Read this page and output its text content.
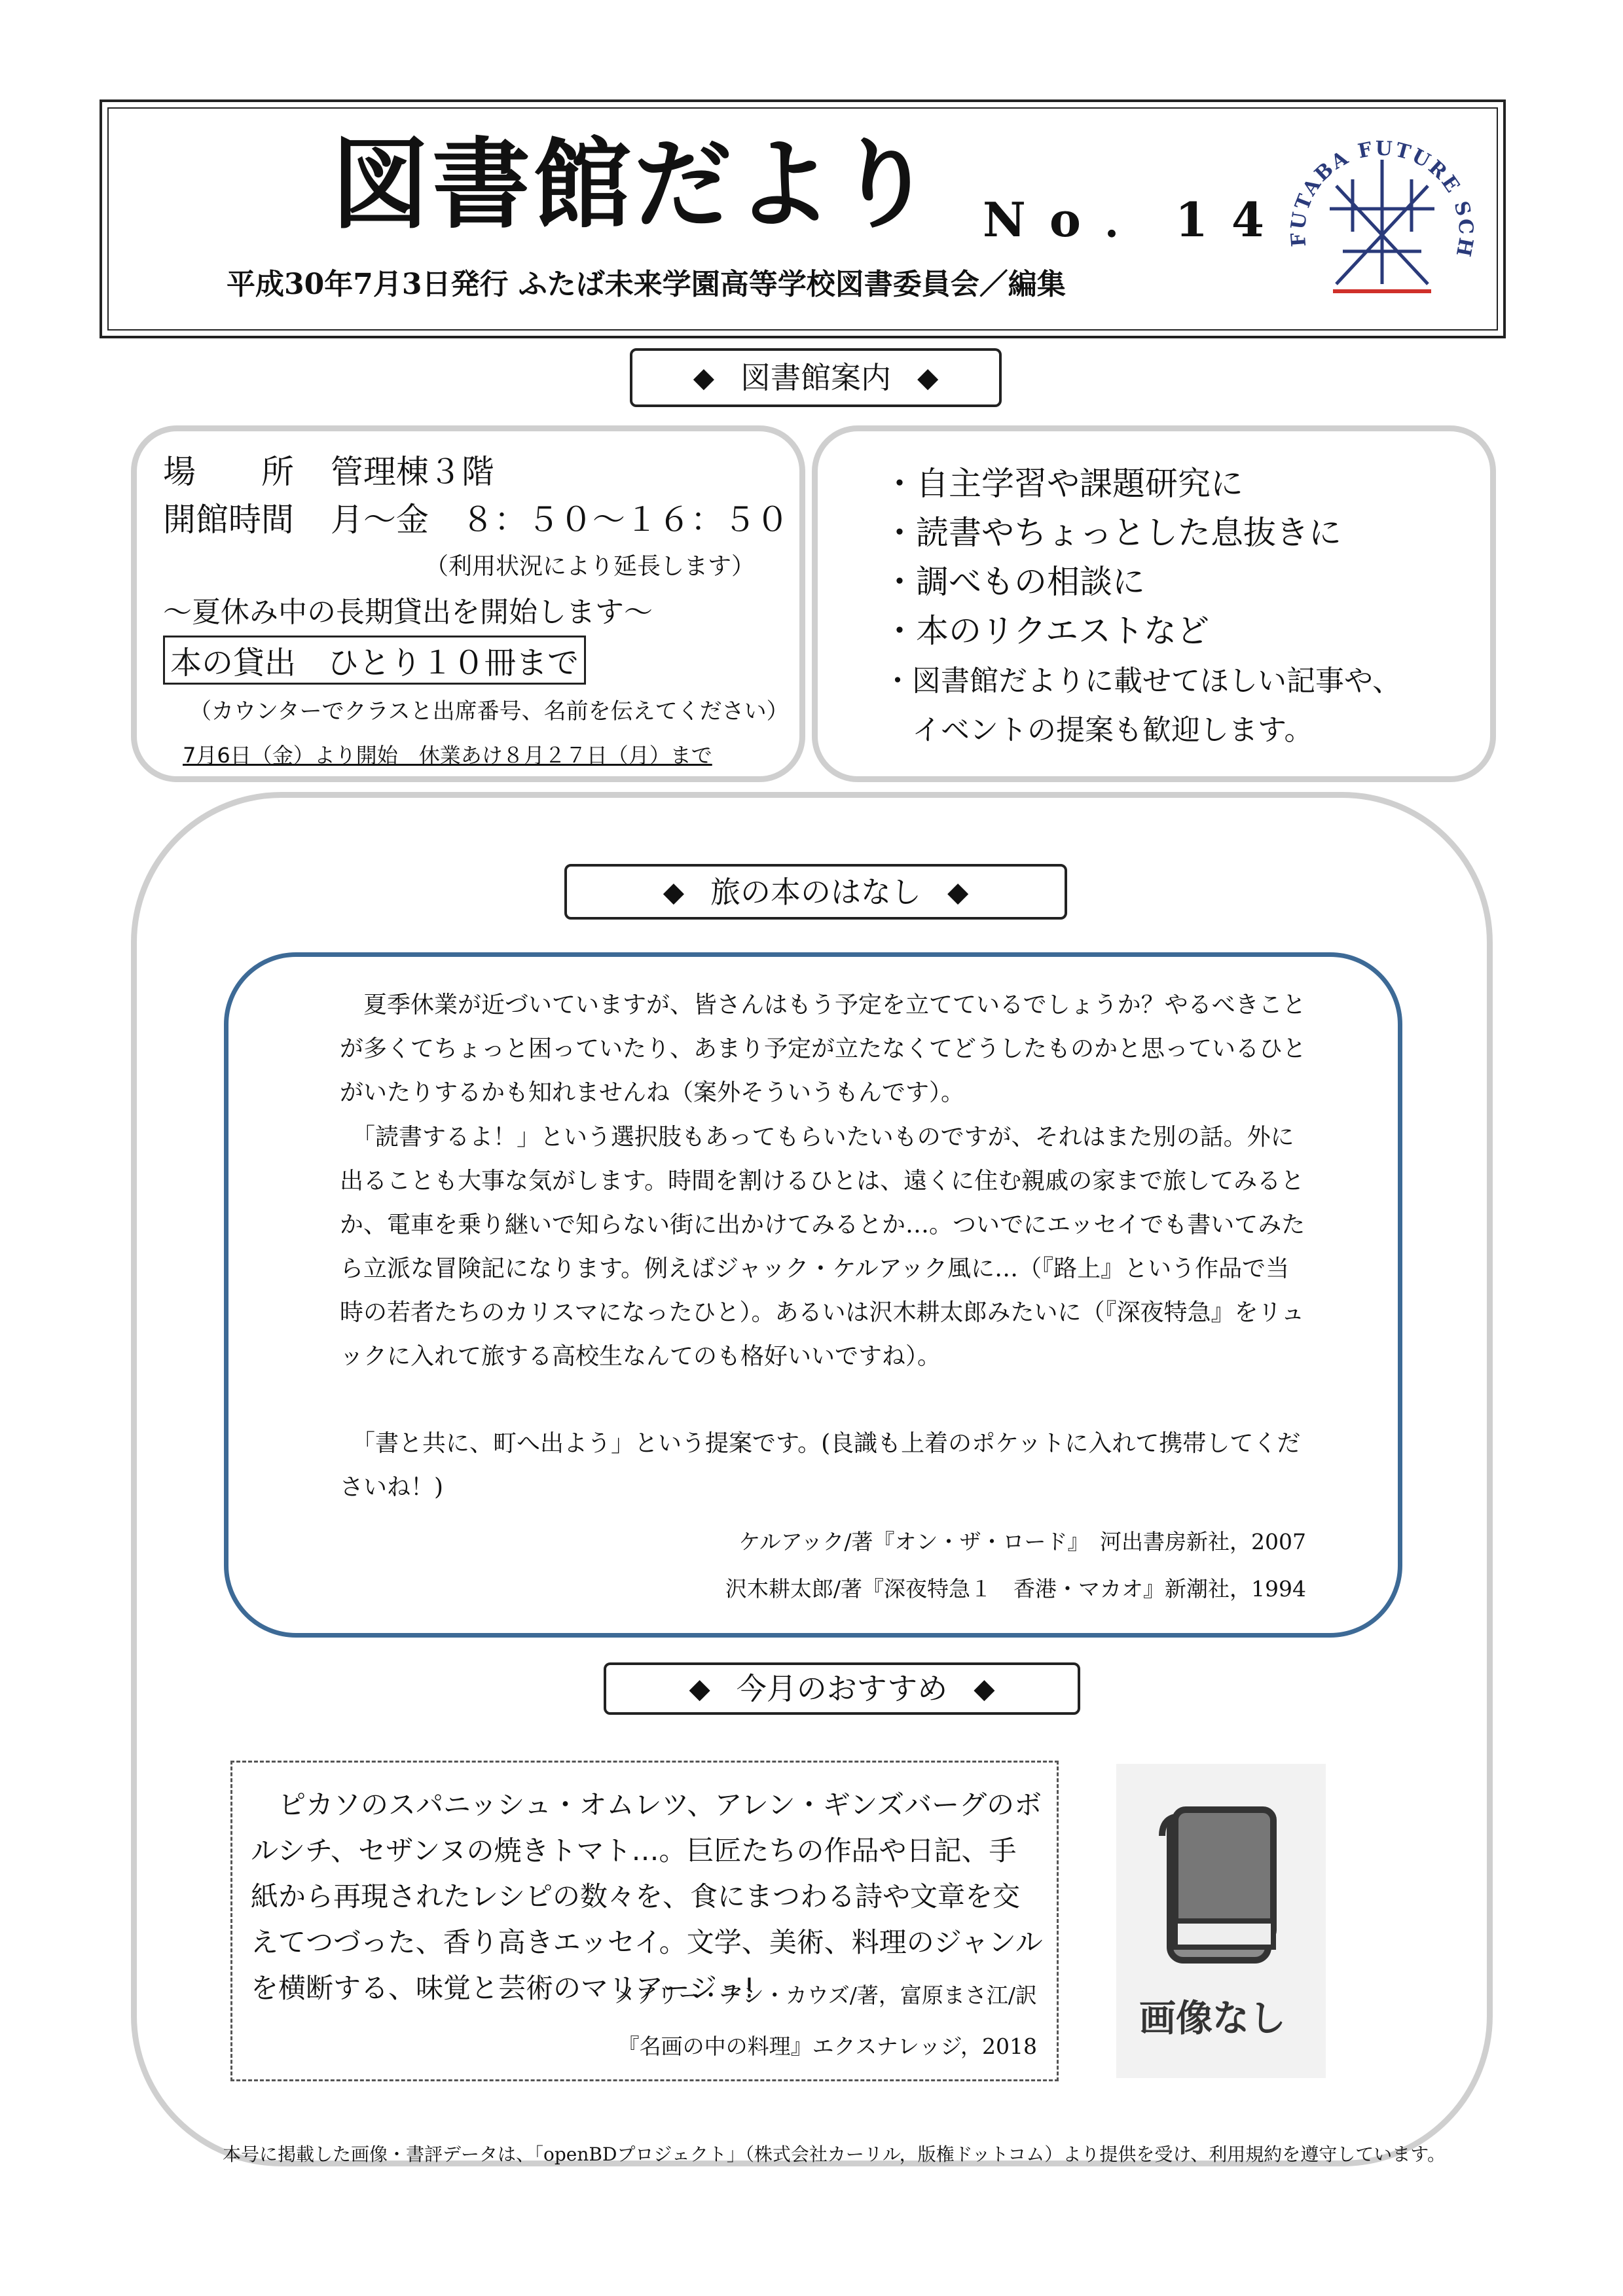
図書館だより No．14
平成30年7月3日発行 ふたば未来学園高等学校図書委員会／編集
FUTABA FUTURE SCH
◆ 図書館案内 ◆
場　　所 管理棟３階
開館時間 月～金　８：５０～１６：５０
（利用状況により延長します）
～夏休み中の長期貸出を開始します～
本の貸出　ひとり１０冊まで
（カウンターでクラスと出席番号、名前を伝えてください）
7月6日（金）より開始　休業あけ８月２７日（月）まで
・自主学習や課題研究に
・読書やちょっとした息抜きに
・調べもの相談に
・本のリクエストなど
・図書館だよりに載せてほしい記事や、
　イベントの提案も歓迎します。
◆ 旅の本のはなし ◆
　夏季休業が近づいていますが、皆さんはもう予定を立てているでしょうか？やるべきことが多くてちょっと困っていたり、あまり予定が立たなくてどうしたものかと思っているひとがいたりするかも知れませんね（案外そういうもんです）。
　「読書するよ！」という選択肢もあってもらいたいものですが、それはまた別の話。外に出ることも大事な気がします。時間を割けるひとは、遠くに住む親戚の家まで旅してみるとか、電車を乗り継いで知らない街に出かけてみるとか…。ついでにエッセイでも書いてみたら立派な冒険記になります。例えばジャック・ケルアック風に…（『路上』という作品で当時の若者たちのカリスマになったひと）。あるいは沢木耕太郎みたいに（『深夜特急』をリュックに入れて旅する高校生なんてのも格好いいですね）。
　「書と共に、町へ出よう」という提案です。(良識も上着のポケットに入れて携帯してくださいね！)
ケルアック/著『オン・ザ・ロード』　河出書房新社，2007
沢木耕太郎/著『深夜特急１　香港・マカオ』新潮社，1994
◆ 今月のおすすめ ◆
　ピカソのスパニッシュ・オムレツ、アレン・ギンズバーグのボルシチ、セザンヌの焼きトマト…。巨匠たちの作品や日記、手紙から再現されたレシピの数々を、食にまつわる詩や文章を交えてつづった、香り高きエッセイ。文学、美術、料理のジャンルを横断する、味覚と芸術のマリアージュ!
メアリー・アン・カウズ/著，富原まさ江/訳
『名画の中の料理』エクスナレッジ，2018
画像なし
本号に掲載した画像・書評データは、「openBDプロジェクト」（株式会社カーリル，版権ドットコム）より提供を受け、利用規約を遵守しています。
